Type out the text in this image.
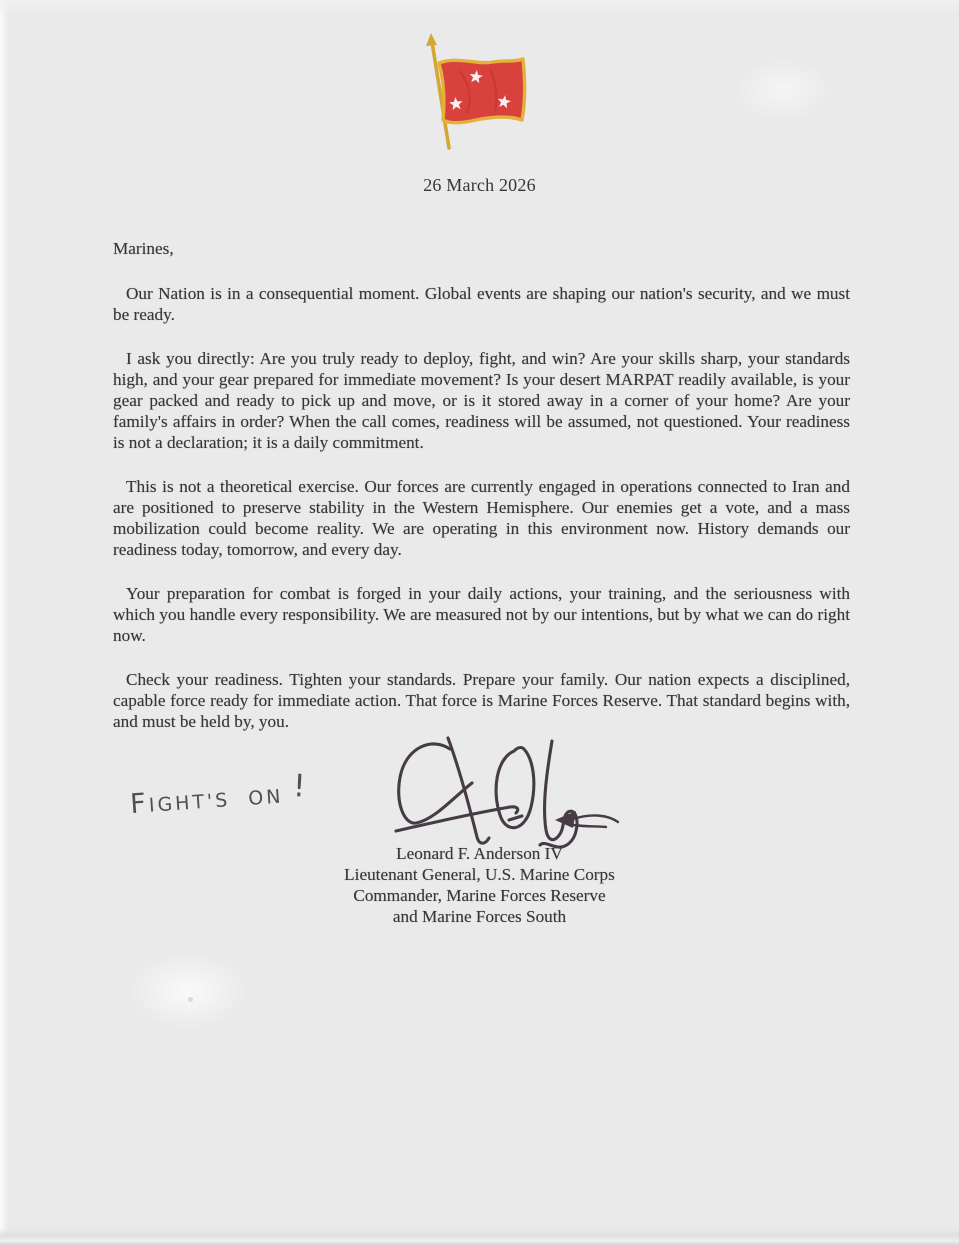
26 March 2026
Marines,

Our Nation is in a consequential moment. Global events are shaping our nation's security, and we must be ready.

I ask you directly: Are you truly ready to deploy, fight, and win? Are your skills sharp, your standards high, and your gear prepared for immediate movement? Is your desert MARPAT readily available, is your gear packed and ready to pick up and move, or is it stored away in a corner of your home? Are your family's affairs in order? When the call comes, readiness will be assumed, not questioned. Your readiness is not a declaration; it is a daily commitment.

This is not a theoretical exercise. Our forces are currently engaged in operations connected to Iran and are positioned to preserve stability in the Western Hemisphere. Our enemies get a vote, and a mass mobilization could become reality. We are operating in this environment now. History demands our readiness today, tomorrow, and every day.

Your preparation for combat is forged in your daily actions, your training, and the seriousness with which you handle every responsibility. We are measured not by our intentions, but by what we can do right now.

Check your readiness. Tighten your standards. Prepare your family. Our nation expects a disciplined, capable force ready for immediate action. That force is Marine Forces Reserve. That standard begins with, and must be held by, you.

FIGHT'S ON !
Leonard F. Anderson IV
Lieutenant General, U.S. Marine Corps
Commander, Marine Forces Reserve
and Marine Forces South
